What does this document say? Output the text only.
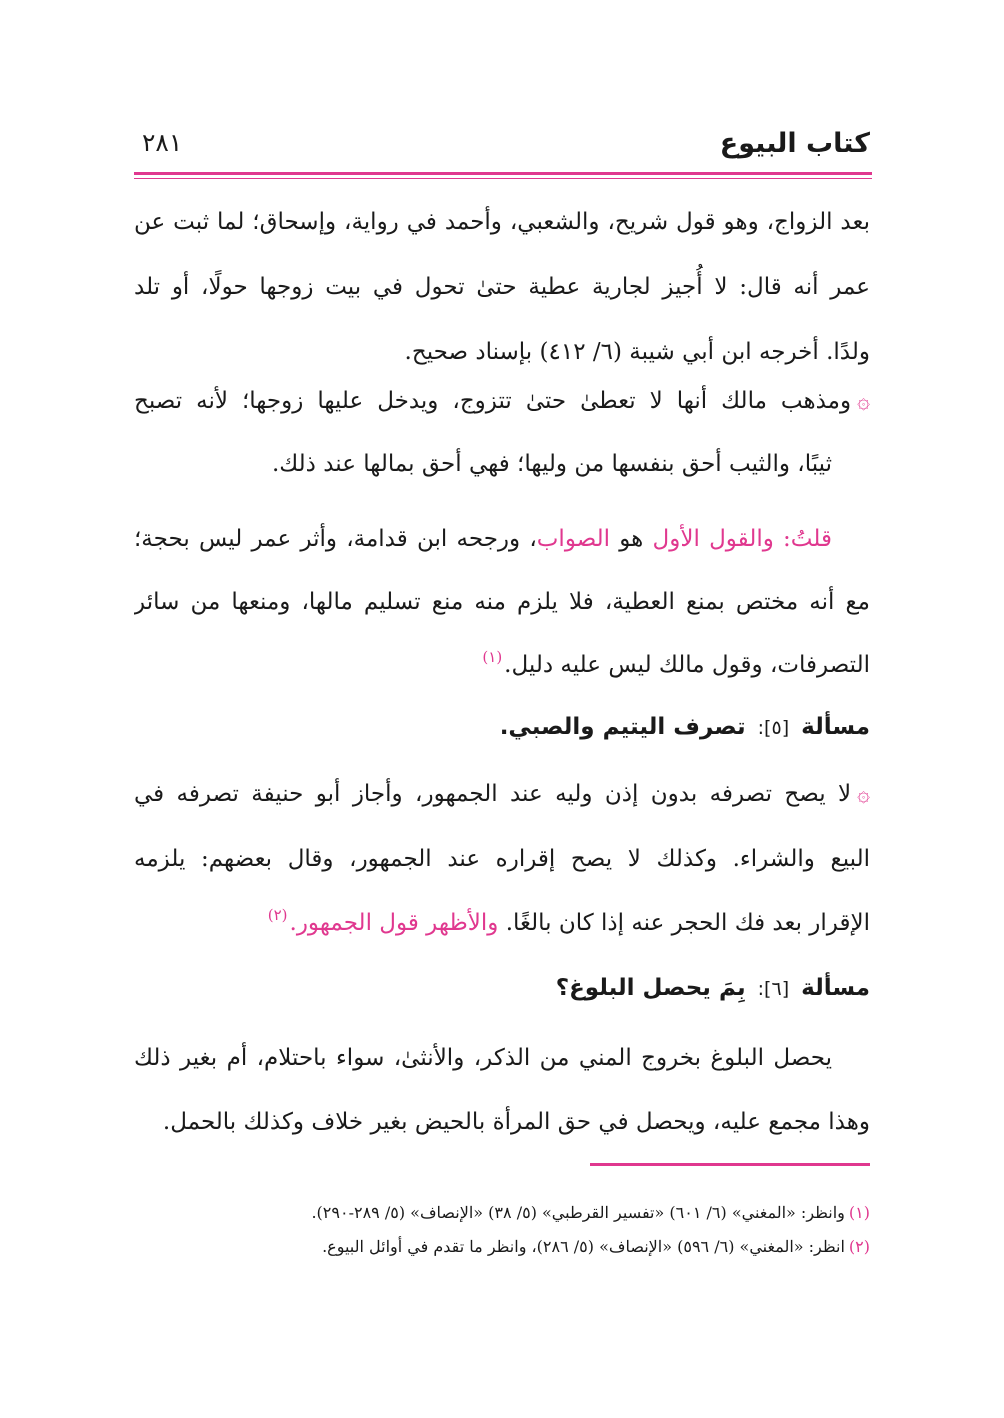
كتاب البيوع
٢٨١
بعد الزواج، وهو قول شريح، والشعبي، وأحمد في رواية، وإسحاق؛ لما ثبت عن
عمر أنه قال: لا أُجيز لجارية عطية حتىٰ تحول في بيت زوجها حولًا، أو تلد
ولدًا. أخرجه ابن أبي شيبة (٦/ ٤١٢) بإسناد صحيح.
۞ومذهب مالك أنها لا تعطىٰ حتىٰ تتزوج، ويدخل عليها زوجها؛ لأنه تصبح
ثيبًا، والثيب أحق بنفسها من وليها؛ فهي أحق بمالها عند ذلك.
قلتُ: والقول الأول هو الصواب، ورجحه ابن قدامة، وأثر عمر ليس بحجة؛
مع أنه مختص بمنع العطية، فلا يلزم منه منع تسليم مالها، ومنعها من سائر
التصرفات، وقول مالك ليس عليه دليل.$^{(١)}$
مسألة [٥]: تصرف اليتيم والصبي.
۞لا يصح تصرفه بدون إذن وليه عند الجمهور، وأجاز أبو حنيفة تصرفه في
البيع والشراء. وكذلك لا يصح إقراره عند الجمهور، وقال بعضهم: يلزمه
الإقرار بعد فك الحجر عنه إذا كان بالغًا. والأظهر قول الجمهور.$^{(٢)}$
مسألة [٦]: بِمَ يحصل البلوغ؟
يحصل البلوغ بخروج المني من الذكر، والأنثىٰ، سواء باحتلام، أم بغير ذلك
وهذا مجمع عليه، ويحصل في حق المرأة بالحيض بغير خلاف وكذلك بالحمل.
(١)وانظر: «المغني» (٦/ ٦٠١) «تفسير القرطبي» (٥/ ٣٨) «الإنصاف» (٥/ ٢٨٩-٢٩٠).
(٢)انظر: «المغني» (٦/ ٥٩٦) «الإنصاف» (٥/ ٢٨٦)، وانظر ما تقدم في أوائل البيوع.
